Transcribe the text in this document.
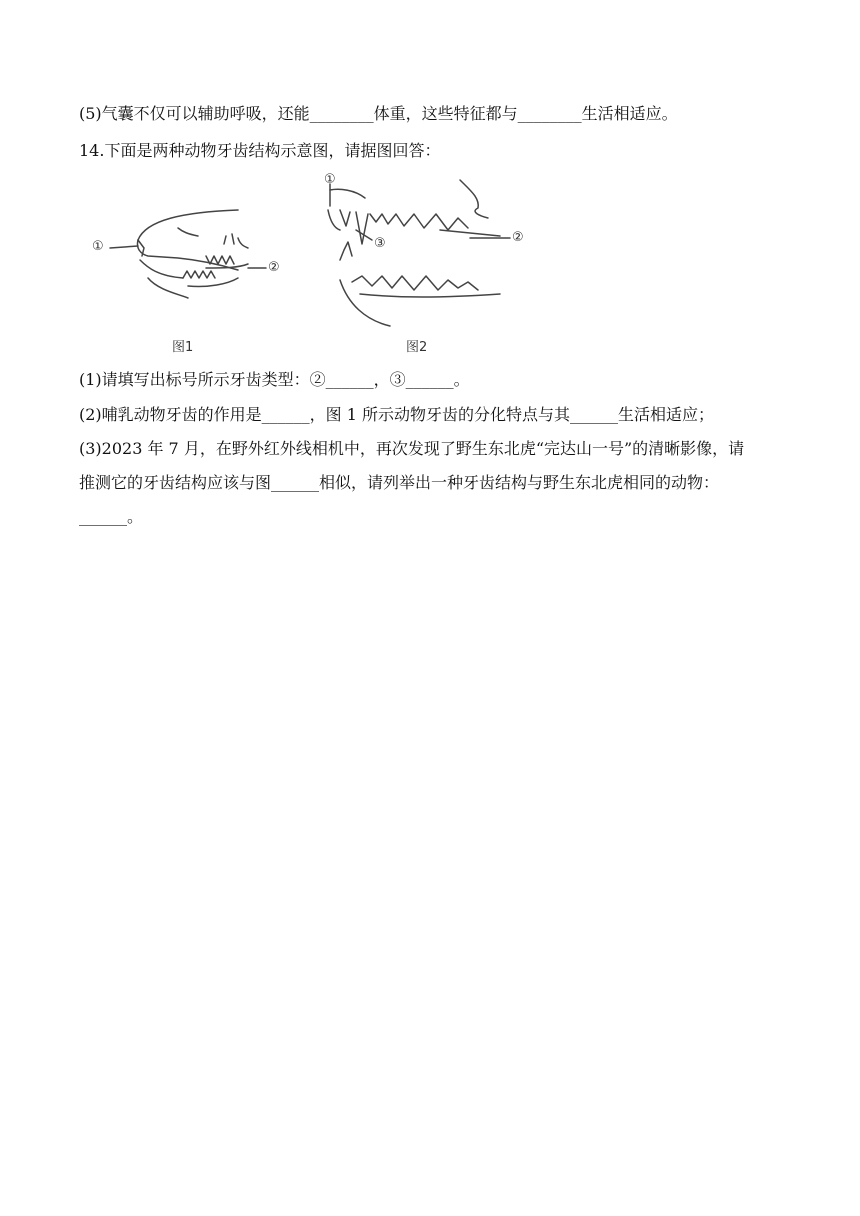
(5)气囊不仅可以辅助呼吸，还能________体重，这些特征都与________生活相适应。
14.下面是两种动物牙齿结构示意图，请据图回答：
①
②
图1
①
②
③
图2
(1)请填写出标号所示牙齿类型：②______，③______。
(2)哺乳动物牙齿的作用是______，图 1 所示动物牙齿的分化特点与其______生活相适应；
(3)2023 年 7 月，在野外红外线相机中，再次发现了野生东北虎“完达山一号”的清晰影像，请
推测它的牙齿结构应该与图______相似，请列举出一种牙齿结构与野生东北虎相同的动物：
______。
